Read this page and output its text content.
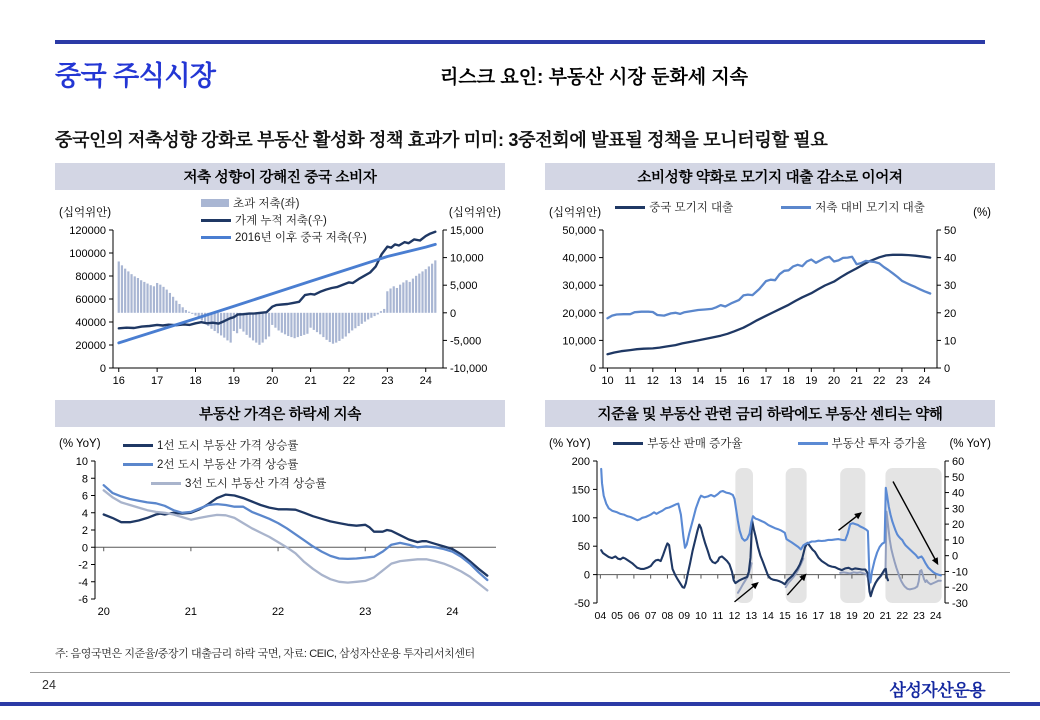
중국 주식시장	리스크 요인: 부동산 시장 둔화세 지속
중국인의 저축성향 강화로 부동산 활성화 정책 효과가 미미: 3중전회에 발표될 정책을 모니터링할 필요
저축 성향이 강해진 중국 소비자
0
20000
40000
60000
80000
100000
120000
(십억위안)
-10,000
-5,000
0
5,000
10,000
15,000
(십억위안)
16 17 18 19 20 21 22 23 24
초과 저축(좌)
가계 누적 저축(우)
2016년 이후 중국 저축(우)
소비성향 약화로 모기지 대출 감소로 이어져
0
10,000
20,000
30,000
40,000
50,000
(십억위안)
0
10
20
30
40
50
(%)
10 11 12 13 14 15 16 17 18 19 20 21 22 23 24
중국 모기지 대출	저축 대비 모기지 대출
부동산 가격은 하락세 지속
-6
-4
-2
0
2
4
6
8
10
(% YoY)
20	21	22	23	24
1선 도시 부동산 가격 상승률
2선 도시 부동산 가격 상승률
3선 도시 부동산 가격 상승률
지준율 및 부동산 관련 금리 하락에도 부동산 센티는 약해
-50
0
50
100
150
200
(% YoY)
-30
-20
-10
0
10
20
30
40
50
60
(% YoY)
04 05 06 07 08 09 10 11 12 13 14 15 16 17 18 19 20 21 22 23 24
부동산 판매 증가율	부동산 투자 증가율
주: 음영국면은 지준율/중장기 대출금리 하락 국면, 자료: CEIC, 삼성자산운용 투자리서치센터
24	삼성자산운용
